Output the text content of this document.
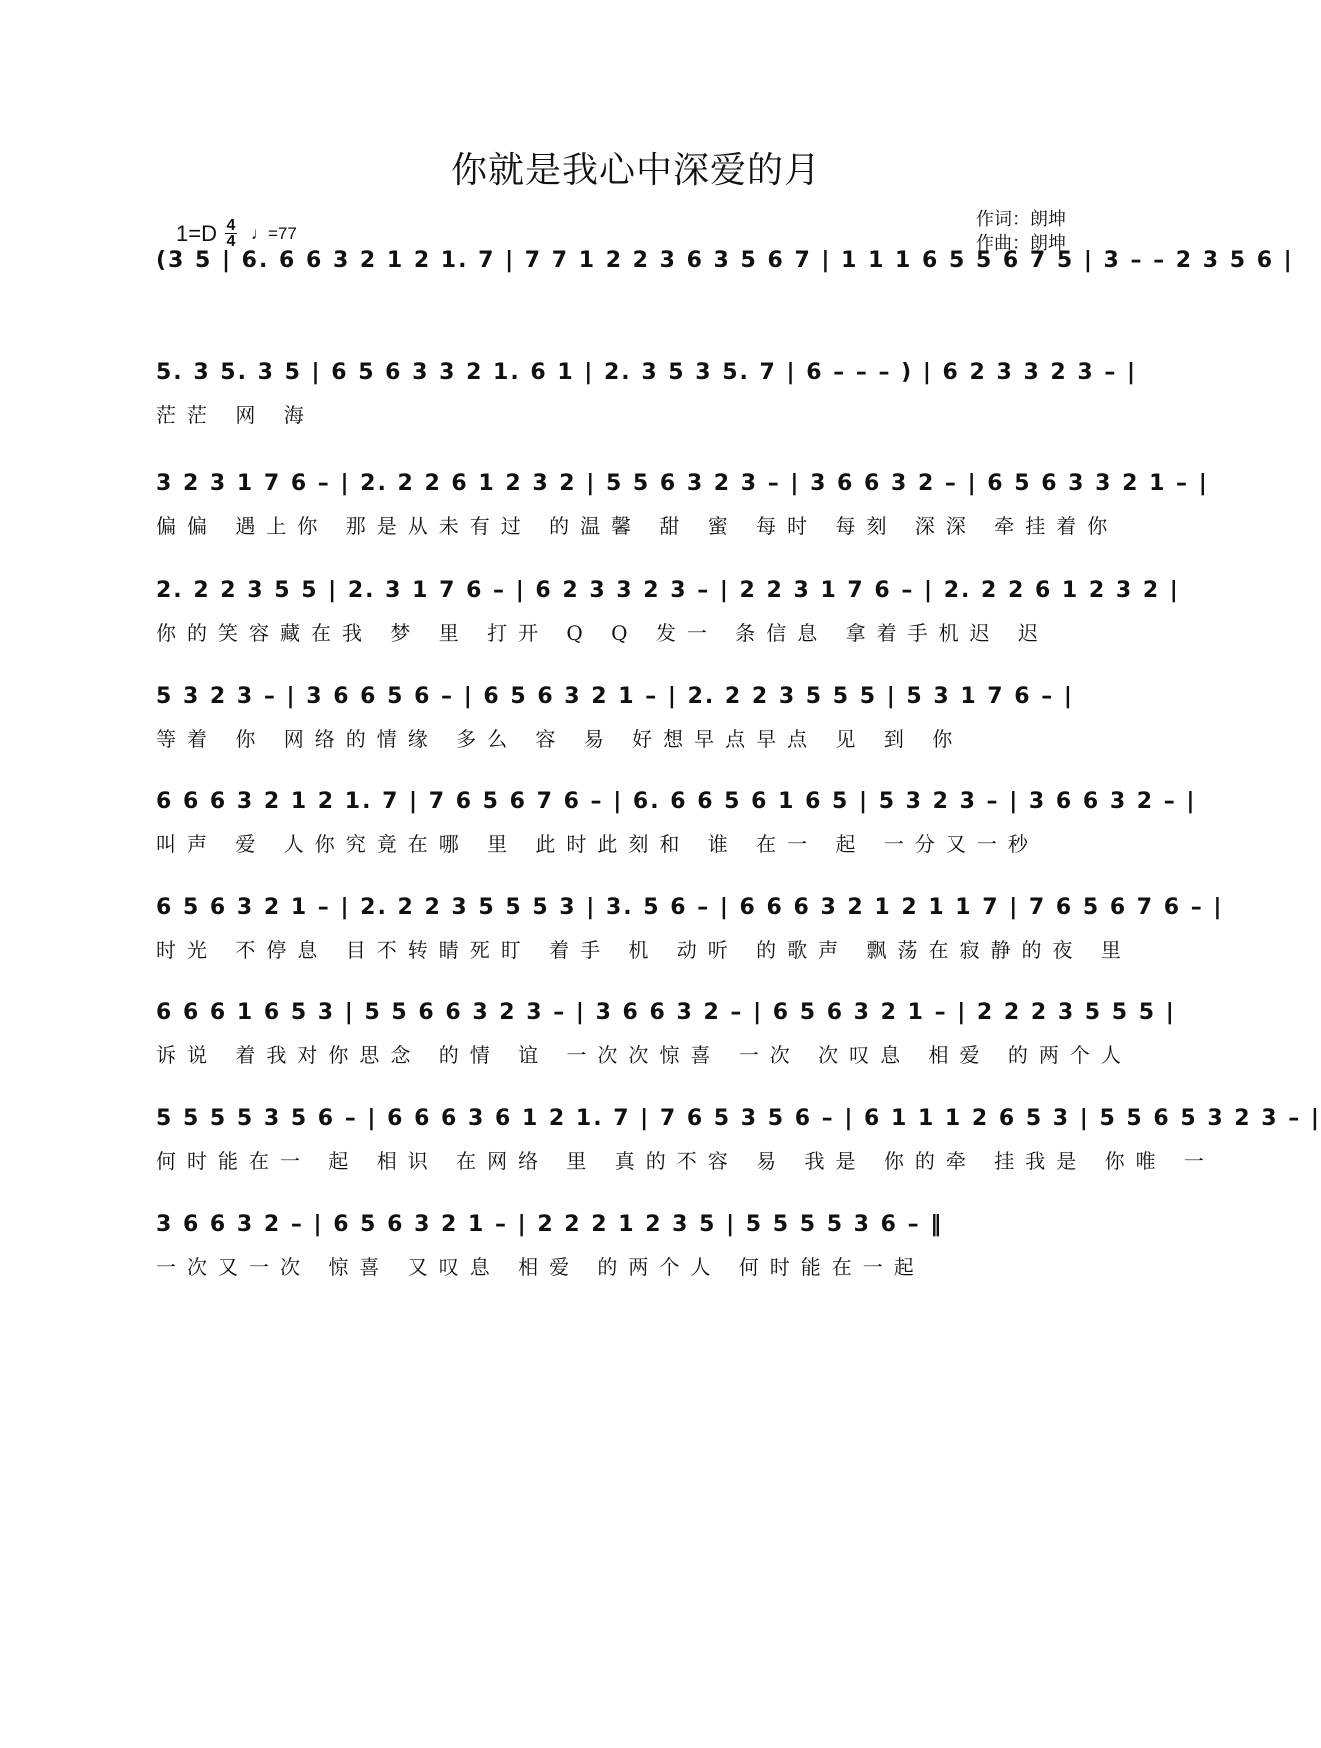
你就是我心中深爱的月
$1=D \frac{4}{4}$ ♩=77
作词：朗坤
作曲：朗坤
(3 5 | 6. 6 6 3 2 1 2 1. 7 | 7 7 1 2 2 3 6 3 5 6 7 | 1 1 1 6 5 5 6 7 5 | 3 – – 2 3 5 6 |
5. 3 5. 3 5 | 6 5 6 3 3 2 1. 6 1 | 2. 3 5 3 5. 7 | 6 – – – ) | 6 2 3 3 2 3 – |
茫茫 网 海
3 2 3 1 7 6 – | 2. 2 2 6 1 2 3 2 | 5 5 6 3 2 3 – | 3 6 6 3 2 – | 6 5 6 3 3 2 1 – |
偏偏 遇上你 那是从未有过 的温馨 甜 蜜 每时 每刻 深深 牵挂着你
2. 2 2 3 5 5 | 2. 3 1 7 6 – | 6 2 3 3 2 3 – | 2 2 3 1 7 6 – | 2. 2 2 6 1 2 3 2 |
你的笑容藏在我 梦 里 打开 Q Q 发一 条信息 拿着手机迟 迟
5 3 2 3 – | 3 6 6 5 6 – | 6 5 6 3 2 1 – | 2. 2 2 3 5 5 5 | 5 3 1 7 6 – |
等着 你 网络的情缘 多么 容 易 好想早点早点 见 到 你
6 6 6 3 2 1 2 1. 7 | 7 6 5 6 7 6 – | 6. 6 6 5 6 1 6 5 | 5 3 2 3 – | 3 6 6 3 2 – |
叫声 爱 人你究竟在哪 里 此时此刻和 谁 在一 起 一分又一秒
6 5 6 3 2 1 – | 2. 2 2 3 5 5 5 3 | 3. 5 6 – | 6 6 6 3 2 1 2 1 1 7 | 7 6 5 6 7 6 – |
时光 不停息 目不转睛死盯 着手 机 动听 的歌声 飘荡在寂静的夜 里
6 6 6 1 6 5 3 | 5 5 6 6 3 2 3 – | 3 6 6 3 2 – | 6 5 6 3 2 1 – | 2 2 2 3 5 5 5 |
诉说 着我对你思念 的情 谊 一次次惊喜 一次 次叹息 相爱 的两个人
5 5 5 5 3 5 6 – | 6 6 6 3 6 1 2 1. 7 | 7 6 5 3 5 6 – | 6 1 1 1 2 6 5 3 | 5 5 6 5 3 2 3 – |
何时能在一 起 相识 在网络 里 真的不容 易 我是 你的牵 挂我是 你唯 一
3 6 6 3 2 – | 6 5 6 3 2 1 – | 2 2 2 1 2 3 5 | 5 5 5 5 3 6 – ‖
一次又一次 惊喜 又叹息 相爱 的两个人 何时能在一起
